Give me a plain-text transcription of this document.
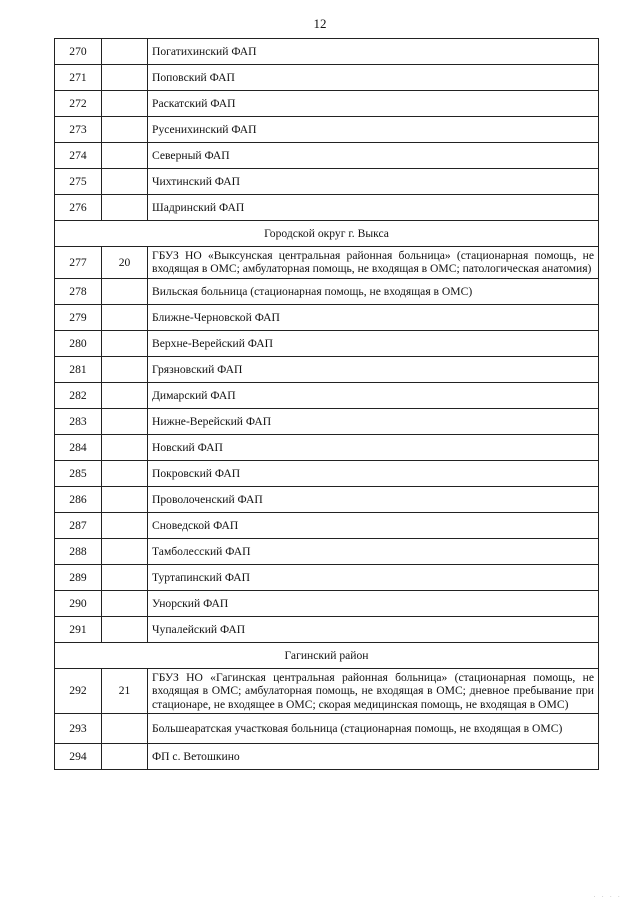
12
270		Погатихинский ФАП
271		Поповский ФАП
272		Раскатский ФАП
273		Русенихинский ФАП
274		Северный ФАП
275		Чихтинский ФАП
276		Шадринский ФАП
Городской округ г. Выкса		
277	20	ГБУЗ НО «Выксунская центральная районная больница» (стационарная помощь, не входящая в ОМС; амбулаторная помощь, не входящая в ОМС; патологическая анатомия)
278		Вильская больница (стационарная помощь, не входящая в ОМС)
279		Ближне-Черновской ФАП
280		Верхне-Верейский ФАП
281		Грязновский ФАП
282		Димарский ФАП
283		Нижне-Верейский ФАП
284		Новский ФАП
285		Покровский ФАП
286		Проволоченский ФАП
287		Сноведской ФАП
288		Тамболесский ФАП
289		Туртапинский ФАП
290		Унорский ФАП
291		Чупалейский ФАП
Гагинский район		
292	21	ГБУЗ НО «Гагинская центральная районная больница» (стационарная помощь, не входящая в ОМС; амбулаторная помощь, не входящая в ОМС; дневное пребывание при стационаре, не входящее в ОМС; скорая медицинская помощь, не входящая в ОМС)
293		Большеаратская участковая больница (стационарная помощь, не входящая в ОМС)
294		ФП с. Ветошкино
· · · ·
